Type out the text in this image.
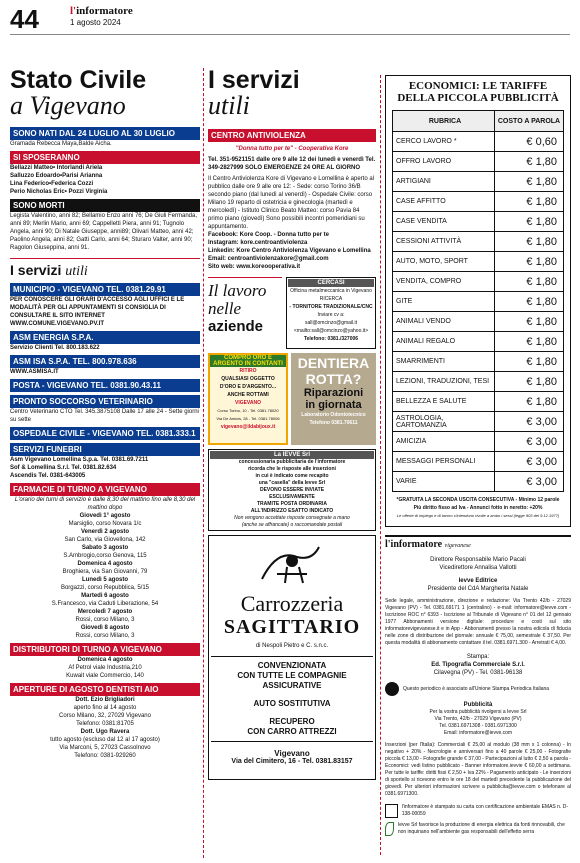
44	l'informatore
1 agosto 2024
Stato Civile
a Vigevano
SONO NATI DAL 24 LUGLIO AL 30 LUGLIO
Gramada Rebecca Maya,Balde Aicha.
SI SPOSERANNO
Bellazzi Matteo• Intorlandi Ariela
Salluzzo Edoardo•Parisi Arianna
Lina Federico•Federica Cozzi
Perio Nicholas Eric• Pozzi Virginia
SONO MORTI
Legista Valentino, anni 82; Bellamio Enzo anni 76; De Giuli Fermanda, anni 89; Merlin Mario, anni 69; Cappelletti Piera, anni 91; Tugnolo Angela, anni 90; Di Natale Giuseppe, anni89; Olivari Matteo, anni 42; Paolino Angela, anni 82; Gatti Carlo, anni 64; Sturaro Valter, anni 90; Ragolon Giuseppina, anni 91.
I servizi utili
MUNICIPIO - VIGEVANO TEL. 0381.29.91
PER CONOSCERE GLI ORARI D'ACCESSO AGLI UFFICI E LE MODALITÀ PER GLI APPUNTAMENTI SI CONSIGLIA DI CONSULTARE IL SITO INTERNET WWW.COMUNE.VIGEVANO.PV.IT
ASM ENERGIA S.P.A.
Servizio Clienti Tel. 800.183.622
ASM ISA S.P.A. TEL. 800.978.636
WWW.ASMISA.IT
POSTA - VIGEVANO TEL. 0381.90.43.11
PRONTO SOCCORSO VETERINARIO
Centro Veterinario CTO Tel. 345.3875108 Dalle 17 alle 24 - Sette giorni su sette
OSPEDALE CIVILE - VIGEVANO TEL. 0381.333.1
SERVIZI FUNEBRI
Asm Vigevano Lomellina S.p.a. Tel. 0381.69.7211
Sof & Lomellina S.r.l. Tel. 0381.82.634
Ascendis Tel. 0381-643005
FARMACIE DI TURNO A VIGEVANO
L'orario dei turni di servizio è dalle 8,30 del mattino fino alle 8,30 del mattino dopo
Giovedì 1° agosto
Marsiglio, corso Novara 1/c
Venerdì 2 agosto
San Carlo, via Giovellona, 142
Sabato 3 agosto
S.Ambrogio,corso Genova, 115
Domenica 4 agosto
Broghiera, via San Giovanni, 79
Lunedì 5 agosto
Borgazzi, corso Repubblica, 5/15
Martedì 6 agosto
S.Francesco, via Caduti Liberazione, 54
Mercoledì 7 agosto
Rossi, corso Milano, 3
Giovedì 8 agosto
Rossi, corso Milano, 3
DISTRIBUTORI DI TURNO A VIGEVANO
Domenica 4 agosto
Af Petrol viale Industria,210
Kuwait viale Commercio, 140
APERTURE DI AGOSTO DENTISTI AIO
Dott. Ezio Brigliadori
aperto fino al 14 agosto
Corso Milano, 32, 27029 Vigevano
Telefono: 0381:81705
Dott. Ugo Ravera
tutto agosto (escluso dal 12 al 17 agosto)
Via Marconi, 5, 27023 Cassolnovo
Telefono: 0381-929260
I servizi
utili
CENTRO ANTIVIOLENZA
"Donna tutto per te" - Cooperativa Kore
Tel. 351-9521151 dalle ore 9 alle 12 dei lunedì e venerdì Tel. 349-2827999 SOLO EMERGENZE 24 ORE AL GIORNO
Il Centro Antiviolenza Kore di Vigevano e Lomellina è aperto al pubblico dalle ore 9 alle ore 12: - Sede: corso Torino 36/B secondo piano (dal lunedì al venerdì) - Ospedale Civile: corso Milano 19 reparto di ostetricia e ginecologia (martedì e mercoledì) - Istituto Clinico Beato Matteo: corso Pavia 84 primo piano (giovedì) Sono possibili incontri pomeridiani su appuntamento.
Facebook: Kore Coop. - Donna tutto per te
Instagram: kore.centroantiviolenza
Linkedin: Kore Centro Antiviolenza Vigevano e Lomellina
Email: centroantiviolenzakore@gmail.com
Sito web: www.koreooperativa.it
Il lavoro
nelle
aziende
CERCASI
Officina metalmeccanica in Vigevano RICERCA
- TORNITORE TRADIZIONALE/CNC
Inviare cv a:
sall@omcinzo@gmail.it
<mailto:sall@omcinzo@yahoo.it>
Telefono: 0381./327006
COMPRO ORO E ARGENTO IN CONTANTI
RITIRO
QUALSIASI OGGETTO
D'ORO E D'ARGENTO...
ANCHE ROTTAMI
VIGEVANO
Corso Torino, 10 - Tel. 0381.78020
Via De Amicis, 28 - Tel. 0381.78006
vigevano@ildabijoux.it
DENTIERA
ROTTA?
Riparazioni
in giornata
Laboratorio Odontotecnico Telefono 0381.70611
La IEVVE Srl
concessionaria pubblicitaria de l'informatore
ricorda che le risposte alle inserzioni
in cui è indicato come recapito
una "casella" della Ievve Srl
DEVONO ESSERE INVIATE
ESCLUSIVAMENTE
TRAMITE POSTA ORDINARIA
ALL'INDIRIZZO ESATTO INDICATO
Non vengono accettate risposte consegnate a mano
(anche se affrancate) o raccomandate postali
Carrozzeria
SAGITTARIO
di Nespoli Pietro e C. s.n.c.
CONVENZIONATA
CON TUTTE LE COMPAGNIE
ASSICURATIVE
AUTO SOSTITUTIVA
RECUPERO
CON CARRO ATTREZZI
Vigevano
Via del Cimitero, 16 - Tel. 0381.83157
ECONOMICI: LE TARIFFE
DELLA PICCOLA PUBBLICITÀ
RUBRICA	COSTO A PAROLA
CERCO LAVORO *	€ 0,60
OFFRO LAVORO	€ 1,80
ARTIGIANI	€ 1,80
CASE AFFITTO	€ 1,80
CASE VENDITA	€ 1,80
CESSIONI ATTIVITÀ	€ 1,80
AUTO, MOTO, SPORT	€ 1,80
VENDITA, COMPRO	€ 1,80
GITE	€ 1,80
ANIMALI VENDO	€ 1,80
ANIMALI REGALO	€ 1,80
SMARRIMENTI	€ 1,80
LEZIONI, TRADUZIONI, TESI	€ 1,80
BELLEZZA E SALUTE	€ 1,80
ASTROLOGIA, CARTOMANZIA	€ 3,00
AMICIZIA	€ 3,00
MESSAGGI PERSONALI	€ 3,00
VARIE	€ 3,00
*GRATUITA LA SECONDA USCITA CONSECUTIVA - Minimo 12 parole
Più diritto fisso ad Iva - Annunci fotto in neretto: +20%
Le offerte di impiego e di lavoro s'intendono rivolte a ambo i sessi (legge 903 del 9.12.1977)
l'informatore vigevanese
Direttore Responsabile Mario Pacali
Vicedirettore Annalisa Vallotti
Ievve Editrice
Presidente del CdA Margherita Natale
Sede legale, amministrazione, direzione e redazione: Via Trento 42/b - 27029 Vigevano (PV) - Tel. 0381.69171 1 (centralino) - e-mail: informatore@ievve.com - Iscrizione ROC n° 6393 - Iscrizione al Tribunale di Vigevano n° 01 del 12 gennaio 1977 Abbonamenti versione digitale: procedure e costi sul sito informatorevigevanese.it e in App - Abbonamenti presso la nostra edicola di fiducia nelle zone di distribuzione del giornale: annuale € 75,00, semestrale € 37,50. Per questa modalità di abbonamento contattare il tel. 0381.6971.300 - Arretrati € 4,00.
Stampa:
Ed. Tipografia Commerciale S.r.l.
Cilavegna (PV) - Tel. 0381-96138
Questo periodico è associato all'Unione Stampa Periodica Italiana
Pubblicità
Per la vostra pubblicità rivolgersi a Ievve Srl
Via Trento, 42/b - 27029 Vigevano (PV)
Tel. 0381.6971308 - 0381.6971300
Email: informatore@ievve.com
Inserzioni (per l'Italia): Commerciali € 25,00 al modulo (38 mm x 1 colonna) - In negativo + 20% - Necrologie e anniversari fino a 40 parole € 25,00 - Fotografie piccola € 13,00 - Fotografie grande € 37,00 - Partecipazioni al lutto € 2,50 a parola - Economici: vedi listino pubblicato - Banner informatore.ievvie € 60,00 a settimana. Per tutte le tariffe: diritti fissi € 2,50 + Iva 22% - Pagamento anticipato - Le inserzioni di sportello si ricevono entro le ore 18 del martedì precedente la pubblicazione del giovedì. Per ulteriori informazioni scrivere a pubblicita@ievve.com o telefonare al 0381.6971300.
l'informatore è stampato su carta con certificazione ambientale EMAS n. D-138-00059
Ievve Srl favorisce la produzione di energia elettrica da fonti rinnovabili, che non inquinano nell'ambiente gas responsabili dell'effetto serra
